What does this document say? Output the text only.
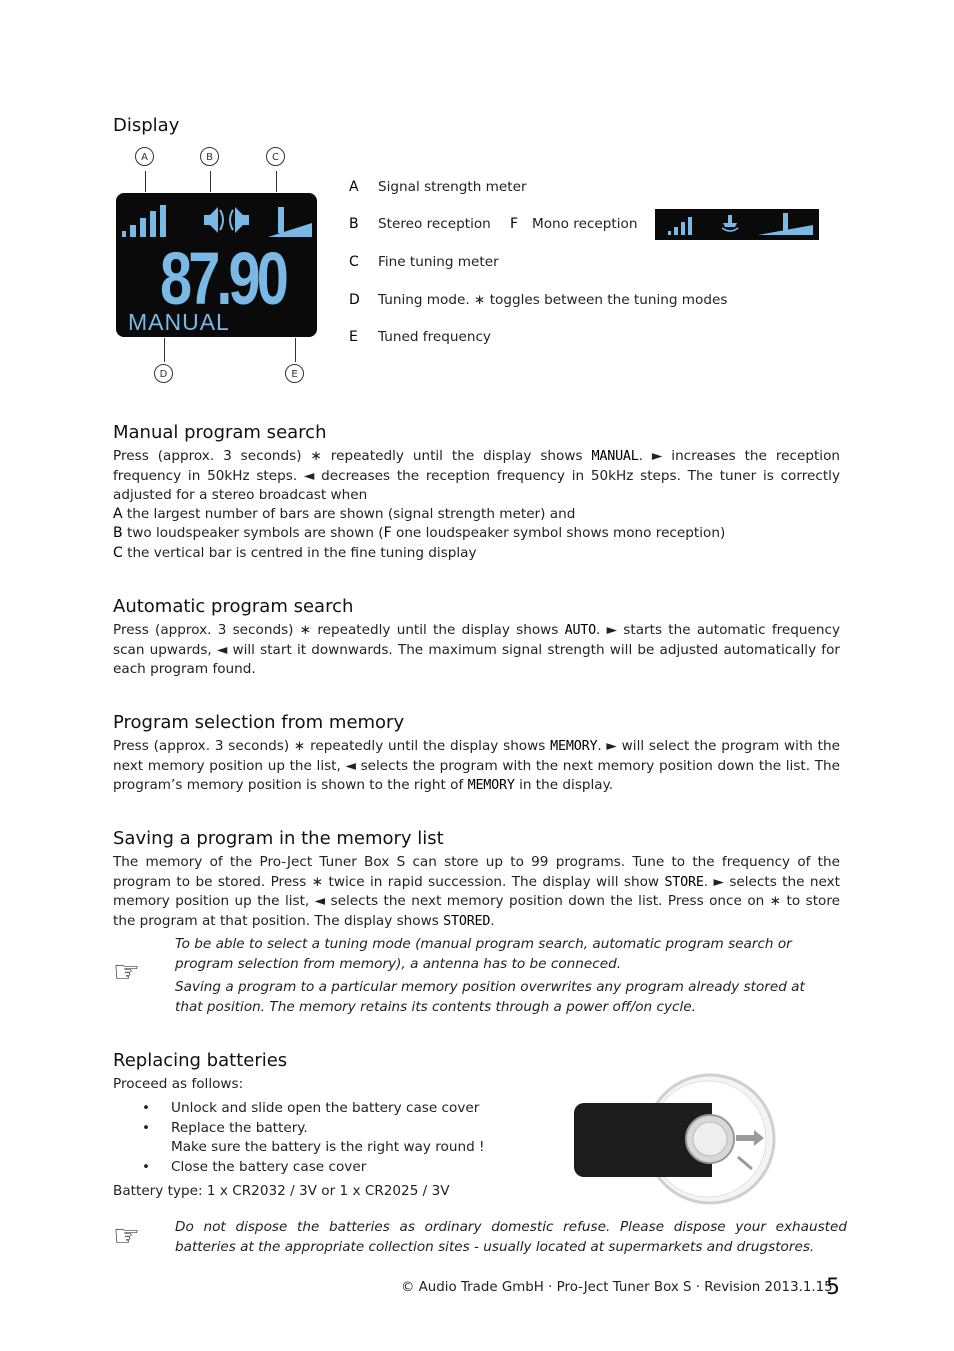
Display
A	B	C
87.90
MANUAL
D	E
A Signal strength meter
B Stereo reception F Mono reception
C Fine tuning meter
D Tuning mode. ∗ toggles between the tuning modes
E Tuned frequency
Manual program search
Press (approx. 3 seconds) ∗ repeatedly until the display shows MANUAL. ► increases the reception frequency in 50kHz steps. ◄ decreases the reception frequency in 50kHz steps. The tuner is correctly adjusted for a stereo broadcast when
A the largest number of bars are shown (signal strength meter) and
B two loudspeaker symbols are shown (F one loudspeaker symbol shows mono reception)
C the vertical bar is centred in the fine tuning display
Automatic program search
Press (approx. 3 seconds) ∗ repeatedly until the display shows AUTO. ► starts the automatic frequency scan upwards, ◄ will start it downwards. The maximum signal strength will be adjusted automatically for each program found.
Program selection from memory
Press (approx. 3 seconds) ∗ repeatedly until the display shows MEMORY. ► will select the program with the next memory position up the list, ◄ selects the program with the next memory position down the list. The program’s memory position is shown to the right of MEMORY in the display.
Saving a program in the memory list
The memory of the Pro-Ject Tuner Box S can store up to 99 programs. Tune to the frequency of the program to be stored. Press ∗ twice in rapid succession. The display will show STORE. ► selects the next memory position up the list, ◄ selects the next memory position down the list. Press once on ∗ to store the program at that position. The display shows STORED.
☞
To be able to select a tuning mode (manual program search, automatic program search or program selection from memory), a antenna has to be conneced.
Saving a program to a particular memory position overwrites any program already stored at that position. The memory retains its contents through a power off/on cycle.
Replacing batteries
Proceed as follows:
• Unlock and slide open the battery case cover
• Replace the battery.
Make sure the battery is the right way round !
• Close the battery case cover
Battery type: 1 x CR2032 / 3V or 1 x CR2025 / 3V
☞	Do not dispose the batteries as ordinary domestic refuse. Please dispose your exhausted batteries at the appropriate collection sites - usually located at supermarkets and drugstores.
© Audio Trade GmbH · Pro-Ject Tuner Box S · Revision 2013.1.15
5
